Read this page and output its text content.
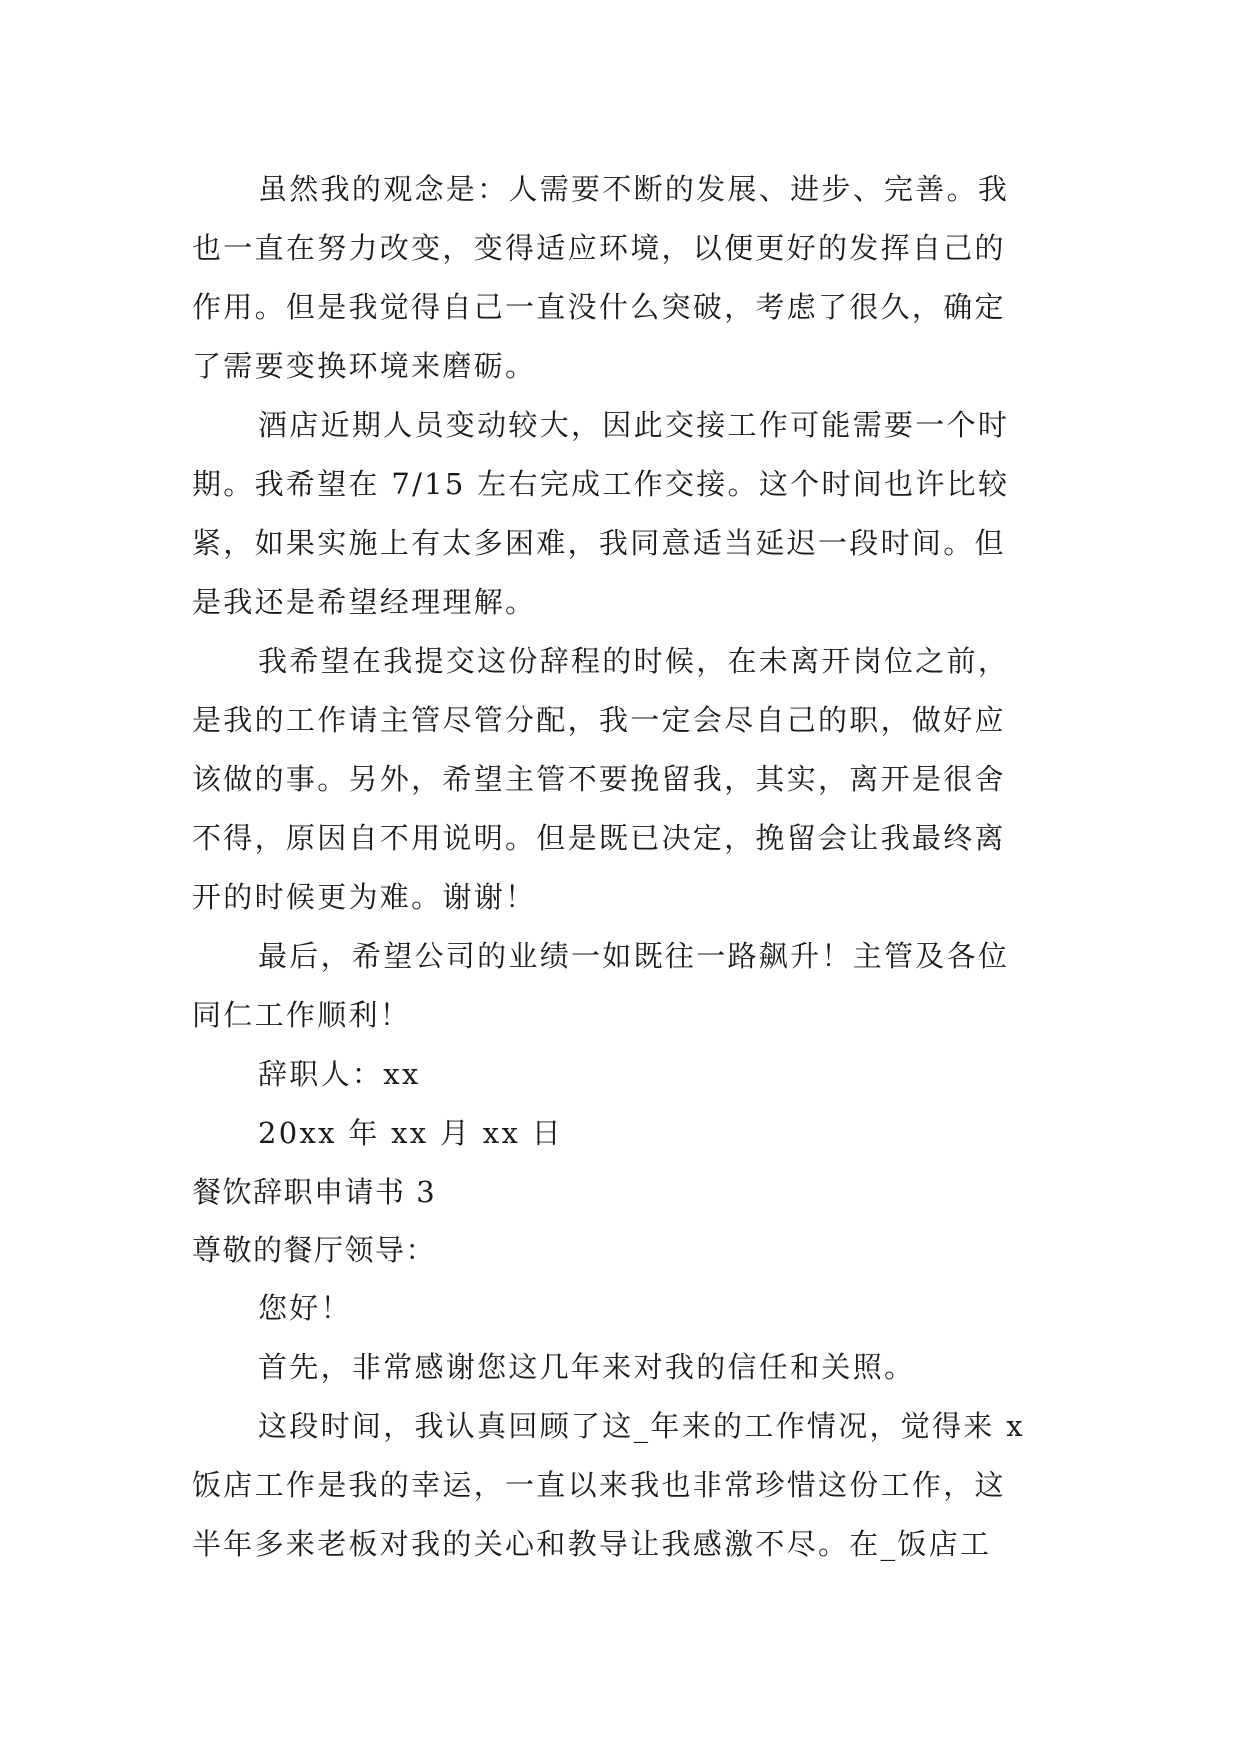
虽然我的观念是：人需要不断的发展、进步、完善。我
也一直在努力改变，变得适应环境，以便更好的发挥自己的
作用。但是我觉得自己一直没什么突破，考虑了很久，确定
了需要变换环境来磨砺。
酒店近期人员变动较大，因此交接工作可能需要一个时
期。我希望在 7/15 左右完成工作交接。这个时间也许比较
紧，如果实施上有太多困难，我同意适当延迟一段时间。但
是我还是希望经理理解。
我希望在我提交这份辞程的时候，在未离开岗位之前，
是我的工作请主管尽管分配，我一定会尽自己的职，做好应
该做的事。另外，希望主管不要挽留我，其实，离开是很舍
不得，原因自不用说明。但是既已决定，挽留会让我最终离
开的时候更为难。谢谢！
最后，希望公司的业绩一如既往一路飙升！主管及各位
同仁工作顺利！
辞职人：xx
20xx 年 xx 月 xx 日
餐饮辞职申请书 3
尊敬的餐厅领导：
您好！
首先，非常感谢您这几年来对我的信任和关照。
这段时间，我认真回顾了这_年来的工作情况，觉得来 x
饭店工作是我的幸运，一直以来我也非常珍惜这份工作，这
半年多来老板对我的关心和教导让我感激不尽。在_饭店工
